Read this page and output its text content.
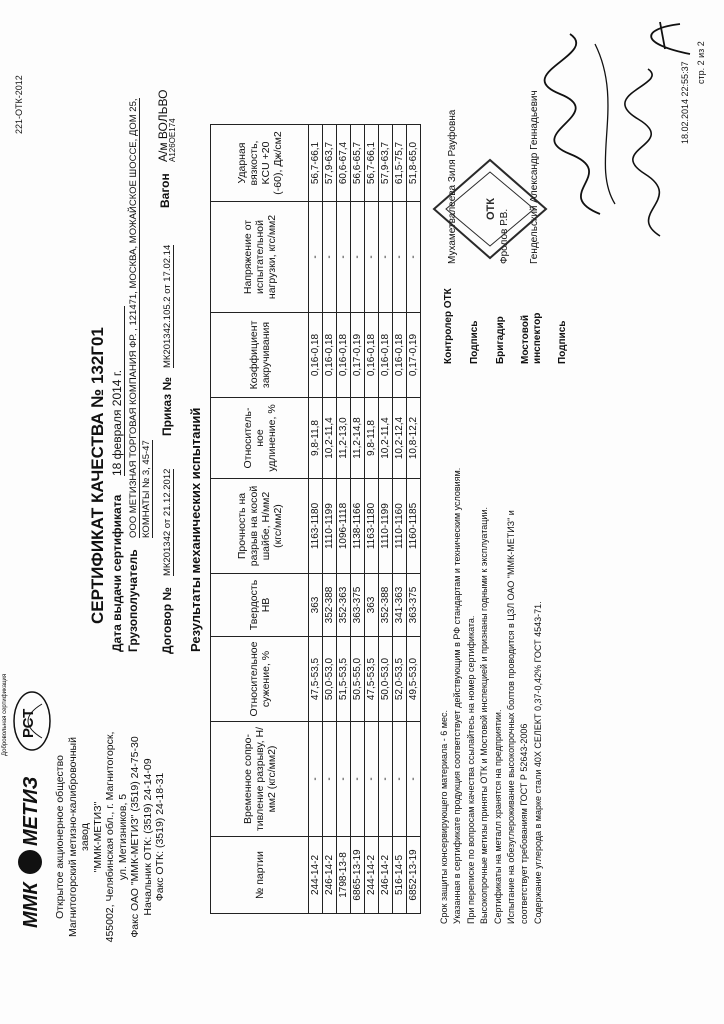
221-ОТК-2012
ММК
МЕТИЗ
РСТ
Добровольная сертификация
Открытое акционерное общество Магнитогорский метизно-калибровочный завод "ММК-МЕТИЗ" 455002, Челябинская обл., г. Магнитогорск, ул. Метизников, 5 Факс ОАО "ММК-МЕТИЗ" (3519) 24-75-30 Начальник ОТК: (3519) 24-14-09 Факс ОТК: (3519) 24-18-31
СЕРТИФИКАТ КАЧЕСТВА № 132Г01 Дата выдачи сертификата
18 февраля 2014 г.
Грузополучатель
ООО МЕТИЗНАЯ ТОРГОВАЯ КОМПАНИЯ ФР. , 121471, МОСКВА, МОЖАЙСКОЕ ШОССЕ, ДОМ 25, КОМНАТЫ № 3, 45-47
Договор №
МК201342 от 21.12.2012
Приказ №
МК201342.105.2 от 17.02.14
Вагон
А/м ВОЛЬВО
А126ОЕ174
Результаты механических испытаний
№ партии	Временное сопро-тивление разрыву, Н/мм2 (кгс/мм2)	Относительное сужение, %	Твердость НВ	Прочность на разрыв на косой шайбе, Н/мм2 (кгс/мм2)	Относитель-ное удлинение, %	Коэффициент закручивания	Напряжение от испытательной нагрузки, кгс/мм2	Ударная вязкость, KCU +20 (-60), Дж/см2
244-14-2	-	47,5-53,5	363	1163-1180	9,8-11,8	0,16-0,18	-	56,7-66,1
246-14-2	-	50,0-53,0	352-388	1110-1199	10,2-11,4	0,16-0,18	-	57,9-63,7
1798-13-8	-	51,5-53,5	352-363	1096-1118	11,2-13,0	0,16-0,18	-	60,6-67,4
6865-13-19	-	50,5-55,0	363-375	1138-1166	11,2-14,8	0,17-0,19	-	56,6-65,7
244-14-2	-	47,5-53,5	363	1163-1180	9,8-11,8	0,16-0,18	-	56,7-66,1
246-14-2	-	50,0-53,0	352-388	1110-1199	10,2-11,4	0,16-0,18	-	57,9-63,7
516-14-5	-	52,0-53,5	341-363	1110-1160	10,2-12,4	0,16-0,18	-	61,5-75,7
6852-13-19	-	49,5-53,0	363-375	1160-1185	10,8-12,2	0,17-0,19	-	51,8-65,0
Срок защиты консервирующего материала - 6 мес. Указанная в сертификате продукция соответствует действующим в РФ стандартам и техническим условиям. При переписке по вопросам качества ссылайтесь на номер сертификата. Высокопрочные метизы приняты ОТК и Мостовой инспекцией и признаны годными к эксплуатации. Сертификаты на металл хранятся на предприятии. Испытание на обезуглероживание высокопрочных болтов проводится в ЦЗЛ ОАО "ММК-МЕТИЗ" и соответствует требованиям ГОСТ Р 52643-2006 Содержание углерода в марке стали 40Х СЕЛЕКТ 0,37-0,42% ГОСТ 4543-71.
Контролер ОТК	Подпись	Бригадир	Мостовой инспектор	Подпись
Мухаметвалеева Зиля Рауфовна	Фролов Р.В.	Гендельский Александр Геннадьевич
ОТК
18.02.2014 22:55:37 стр. 2 из 2
